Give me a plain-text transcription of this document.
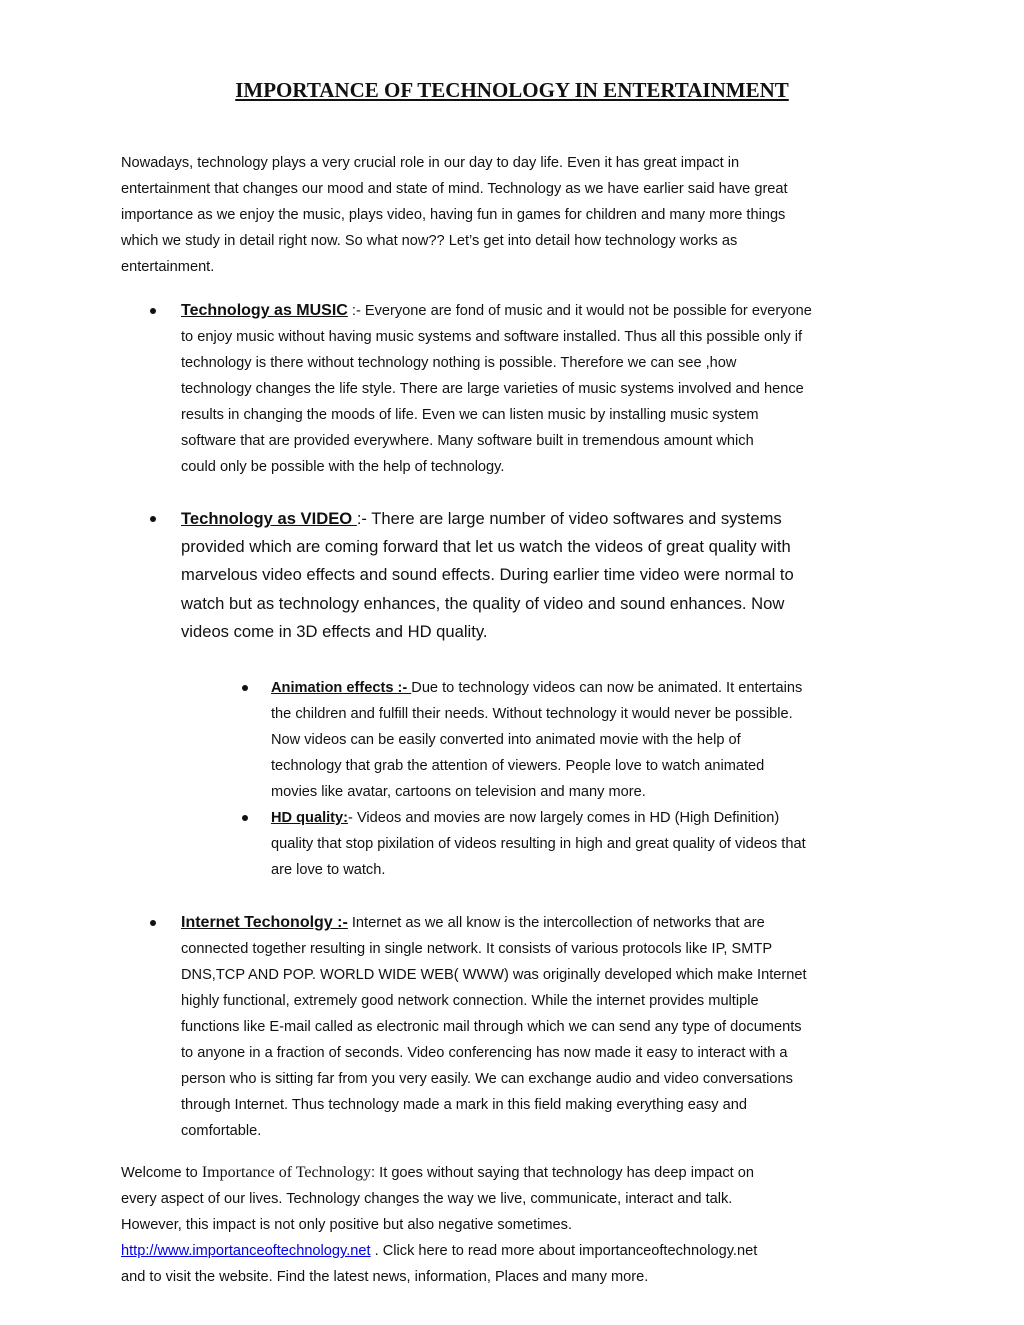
IMPORTANCE OF TECHNOLOGY IN ENTERTAINMENT
Nowadays, technology plays a very crucial role in our day to day life. Even it has great impact in
entertainment that changes our mood and state of mind. Technology as we have earlier said have great
importance as we enjoy the music, plays video, having fun in games for children and many more things
which we study in detail right now. So what now?? Let’s get into detail how technology works as
entertainment.
Technology as MUSIC :- Everyone are fond of music and it would not be possible for everyone
to enjoy music without having music systems and software installed. Thus all this possible only if
technology is there without technology nothing is possible. Therefore we can see ,how
technology changes the life style. There are large varieties of music systems involved and hence
results in changing the moods of life. Even we can listen music by installing music system
software that are provided everywhere. Many software built in tremendous amount which
could only be possible with the help of technology.
Technology as VIDEO :- There are large number of video softwares and systems
provided which are coming forward that let us watch the videos of great quality with
marvelous video effects and sound effects. During earlier time video were normal to
watch but as technology enhances, the quality of video and sound enhances. Now
videos come in 3D effects and HD quality.
Animation effects :- Due to technology videos can now be animated. It entertains
the children and fulfill their needs. Without technology it would never be possible.
Now videos can be easily converted into animated movie with the help of
technology that grab the attention of viewers. People love to watch animated
movies like avatar, cartoons on television and many more.
HD quality:- Videos and movies are now largely comes in HD (High Definition)
quality that stop pixilation of videos resulting in high and great quality of videos that
are love to watch.
Internet Techonolgy :- Internet as we all know is the intercollection of networks that are
connected together resulting in single network. It consists of various protocols like IP, SMTP
DNS,TCP AND POP. WORLD WIDE WEB( WWW) was originally developed which make Internet
highly functional, extremely good network connection. While the internet provides multiple
functions like E-mail called as electronic mail through which we can send any type of documents
to anyone in a fraction of seconds. Video conferencing has now made it easy to interact with a
person who is sitting far from you very easily. We can exchange audio and video conversations
through Internet. Thus technology made a mark in this field making everything easy and
comfortable.
Welcome to Importance of Technology: It goes without saying that technology has deep impact on
every aspect of our lives. Technology changes the way we live, communicate, interact and talk.
However, this impact is not only positive but also negative sometimes.
http://www.importanceoftechnology.net . Click here to read more about importanceoftechnology.net
and to visit the website. Find the latest news, information, Places and many more.
